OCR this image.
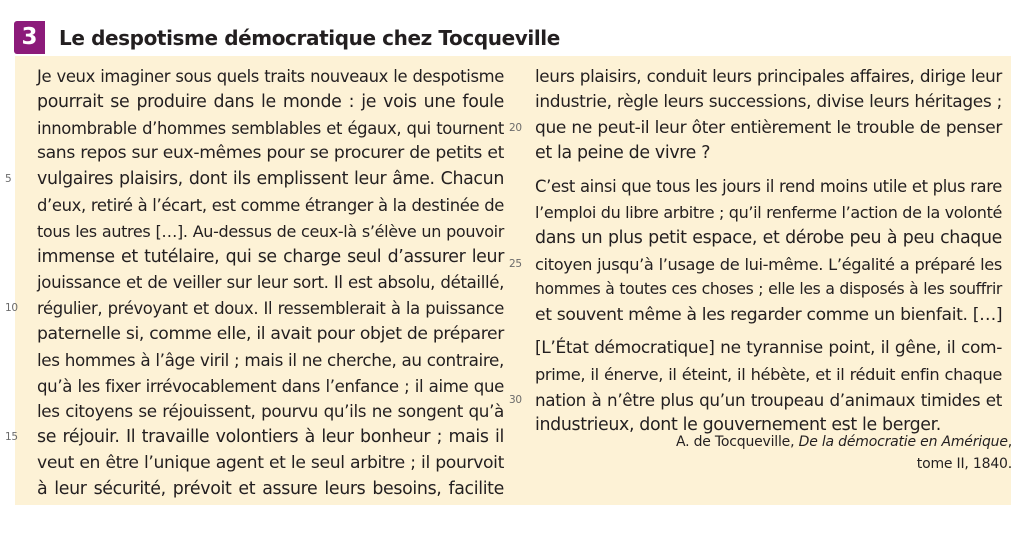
3	Le despotisme démocratique chez Tocqueville
Je veux imaginer sous quels traits nouveaux le despotisme
pourrait se produire dans le monde : je vois une foule
innombrable d’hommes semblables et égaux, qui tournent
sans repos sur eux-mêmes pour se procurer de petits et
vulgaires plaisirs, dont ils emplissent leur âme. Chacun
5
d’eux, retiré à l’écart, est comme étranger à la destinée de
tous les autres […]. Au-dessus de ceux-là s’élève un pouvoir
immense et tutélaire, qui se charge seul d’assurer leur
jouissance et de veiller sur leur sort. Il est absolu, détaillé,
régulier, prévoyant et doux. Il ressemblerait à la puissance
10
paternelle si, comme elle, il avait pour objet de préparer
les hommes à l’âge viril ; mais il ne cherche, au contraire,
qu’à les fixer irrévocablement dans l’enfance ; il aime que
les citoyens se réjouissent, pourvu qu’ils ne songent qu’à
se réjouir. Il travaille volontiers à leur bonheur ; mais il
15
veut en être l’unique agent et le seul arbitre ; il pourvoit
à leur sécurité, prévoit et assure leurs besoins, facilite
leurs plaisirs, conduit leurs principales affaires, dirige leur
industrie, règle leurs successions, divise leurs héritages ;
que ne peut-il leur ôter entièrement le trouble de penser
20
et la peine de vivre ?
C’est ainsi que tous les jours il rend moins utile et plus rare
l’emploi du libre arbitre ; qu’il renferme l’action de la volonté
dans un plus petit espace, et dérobe peu à peu chaque
citoyen jusqu’à l’usage de lui-même. L’égalité a préparé les
25
hommes à toutes ces choses ; elle les a disposés à les souffrir
et souvent même à les regarder comme un bienfait. […]
[L’État démocratique] ne tyrannise point, il gêne, il com-
prime, il énerve, il éteint, il hébète, et il réduit enfin chaque
nation à n’être plus qu’un troupeau d’animaux timides et
30
industrieux, dont le gouvernement est le berger.
A. de Tocqueville, De la démocratie en Amérique,
tome II, 1840.
